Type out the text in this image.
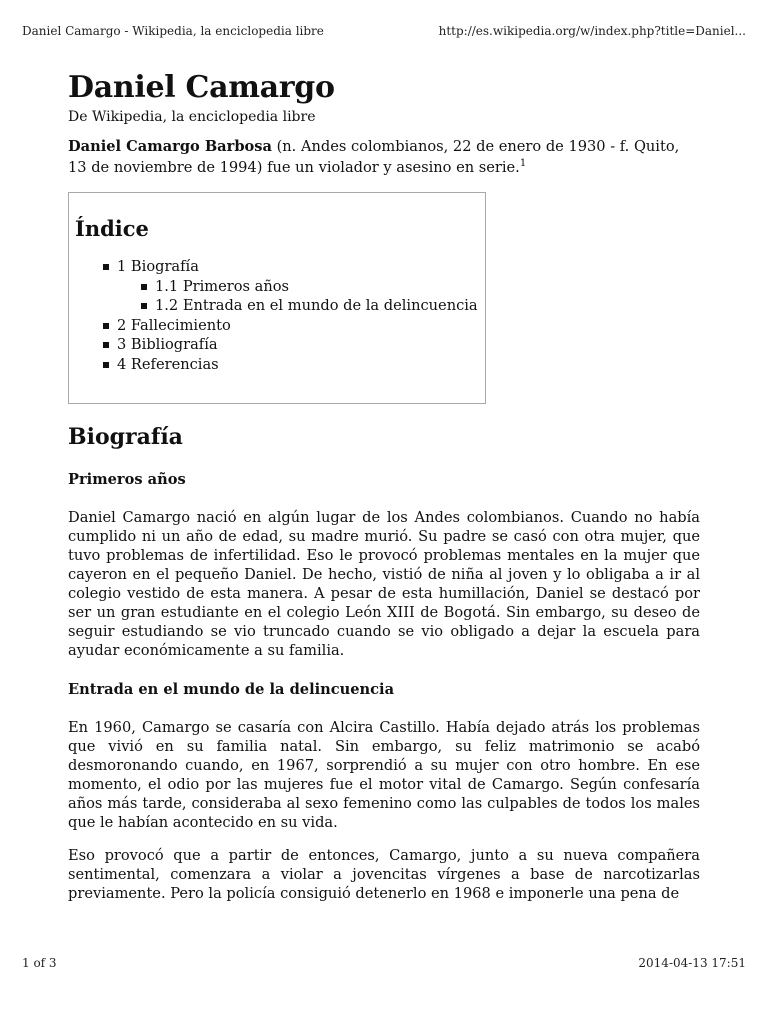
Daniel Camargo - Wikipedia, la enciclopedia libre	http://es.wikipedia.org/w/index.php?title=Daniel...
Daniel Camargo
De Wikipedia, la enciclopedia libre

Daniel Camargo Barbosa (n. Andes colombianos, 22 de enero de 1930 - f. Quito, 13 de noviembre de 1994) fue un violador y asesino en serie.$^1$

Índice
1 Biografía
1.1 Primeros años
1.2 Entrada en el mundo de la delincuencia
2 Fallecimiento
3 Bibliografía
4 Referencias
Biografía
Primeros años

Daniel Camargo nació en algún lugar de los Andes colombianos. Cuando no había cumplido ni un año de edad, su madre murió. Su padre se casó con otra mujer, que tuvo problemas de infertilidad. Eso le provocó problemas mentales en la mujer que cayeron en el pequeño Daniel. De hecho, vistió de niña al joven y lo obligaba a ir al colegio vestido de esta manera. A pesar de esta humillación, Daniel se destacó por ser un gran estudiante en el colegio León XIII de Bogotá. Sin embargo, su deseo de seguir estudiando se vio truncado cuando se vio obligado a dejar la escuela para ayudar económicamente a su familia.

Entrada en el mundo de la delincuencia

En 1960, Camargo se casaría con Alcira Castillo. Había dejado atrás los problemas que vivió en su familia natal. Sin embargo, su feliz matrimonio se acabó desmoronando cuando, en 1967, sorprendió a su mujer con otro hombre. En ese momento, el odio por las mujeres fue el motor vital de Camargo. Según confesaría años más tarde, consideraba al sexo femenino como las culpables de todos los males que le habían acontecido en su vida.

Eso provocó que a partir de entonces, Camargo, junto a su nueva compañera sentimental, comenzara a violar a jovencitas vírgenes a base de narcotizarlas previamente. Pero la policía consiguió detenerlo en 1968 e imponerle una pena de

1 of 3	2014-04-13 17:51
